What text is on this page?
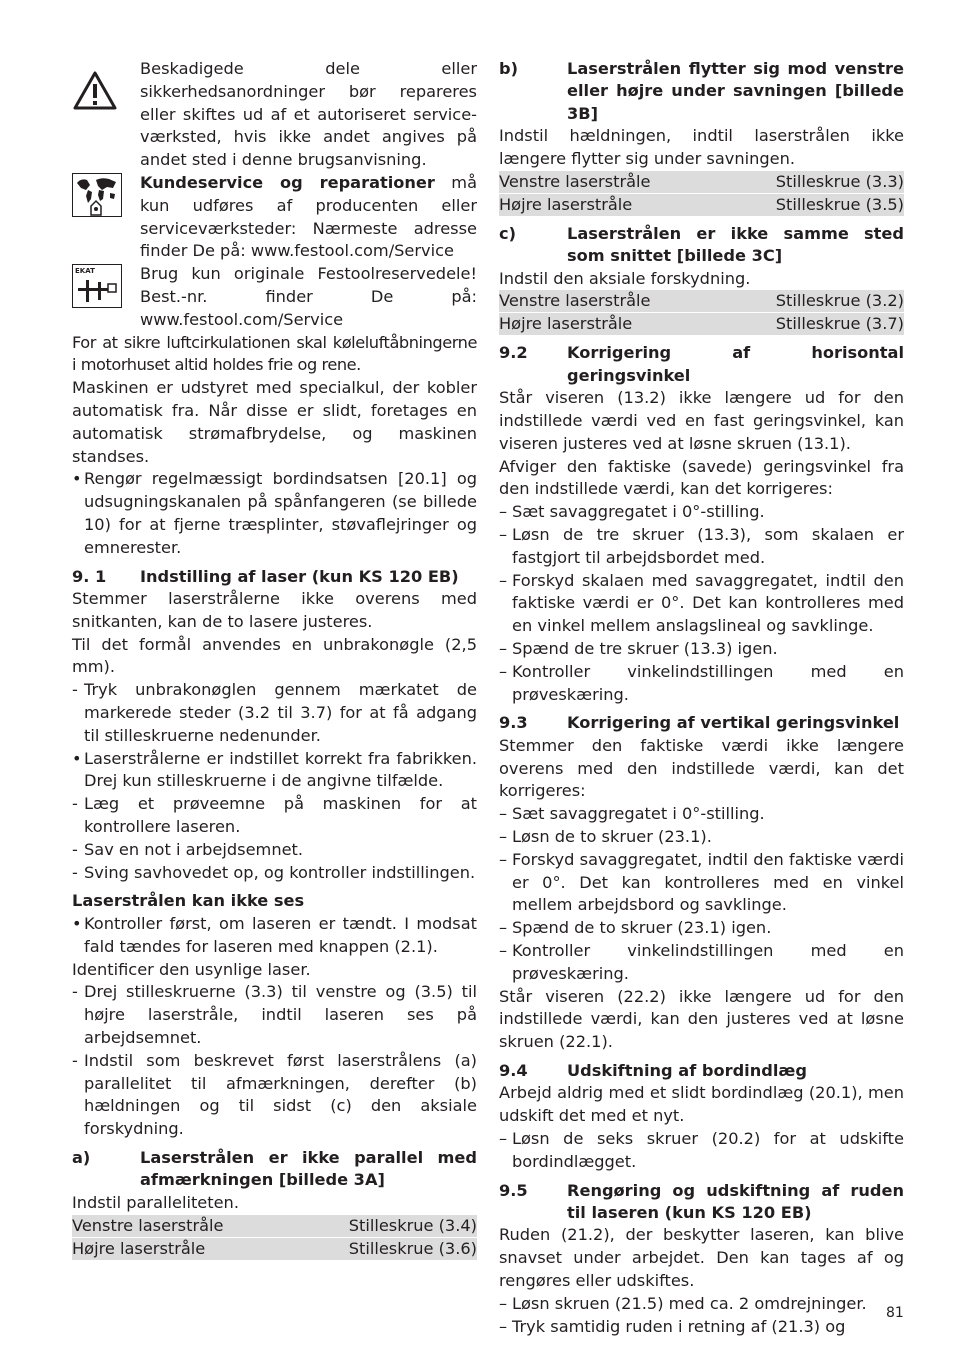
Beskadigede dele eller sikkerhedsanordninger bør repareres eller skiftes ud af et autoriseret service-værksted, hvis ikke andet angives på andet sted i denne brugsanvisning.
Kundeservice og reparationer må kun udføres af producenten eller serviceværksteder: Nærmeste adresse finder De på: www.festool.com/Service
EKAT	Brug kun originale Festoolreservedele! Best.-nr. finder De på: www.festool.com/Service

For at sikre luftcirkulationen skal køleluftåbningerne i motorhuset altid holdes frie og rene.

Maskinen er udstyret med specialkul, der kobler automatisk fra. Når disse er slidt, foretages en automatisk strømafbrydelse, og maskinen standses.

• Rengør regelmæssigt bordindsatsen [20.1] og udsugningskanalen på spånfangeren (se billede 10) for at fjerne træsplinter, støvaflejringer og emnerester.
9. 1	Indstilling af laser (kun KS 120 EB)

Stemmer laserstrålerne ikke overens med snitkanten, kan de to lasere justeres.

Til det formål anvendes en unbrakonøgle (2,5 mm).

- Tryk unbrakonøglen gennem mærkatet de markerede steder (3.2 til 3.7) for at få adgang til stilleskruerne nedenunder.
• Laserstrålerne er indstillet korrekt fra fabrikken. Drej kun stilleskruerne i de angivne tilfælde.
- Læg et prøveemne på maskinen for at kontrollere laseren.
- Sav en not i arbejdsemnet.
- Sving savhovedet op, og kontroller indstillingen.
Laserstrålen kan ikke ses
• Kontroller først, om laseren er tændt. I modsat fald tændes for laseren med knappen (2.1).

Identificer den usynlige laser.

- Drej stilleskruerne (3.3) til venstre og (3.5) til højre laserstråle, indtil laseren ses på arbejdsemnet.
- Indstil som beskrevet først laserstrålens (a) parallelitet til afmærkningen, derefter (b) hældningen og til sidst (c) den aksiale forskydning.
a)	Laserstrålen er ikke parallel med afmærkningen [billede 3A]

Indstil paralleliteten.

Venstre laserstråle	Stilleskrue (3.4)
Højre laserstråle	Stilleskrue (3.6)
b)	Laserstrålen flytter sig mod venstre eller højre under savningen [billede 3B]

Indstil hældningen, indtil laserstrålen ikke længere flytter sig under savningen.

Venstre laserstråle	Stilleskrue (3.3)
Højre laserstråle	Stilleskrue (3.5)
c)	Laserstrålen er ikke samme sted som snittet [billede 3C]

Indstil den aksiale forskydning.

Venstre laserstråle	Stilleskrue (3.2)
Højre laserstråle	Stilleskrue (3.7)
9.2	Korrigering af horisontal geringsvinkel

Står viseren (13.2) ikke længere ud for den indstillede værdi ved en fast geringsvinkel, kan viseren justeres ved at løsne skruen (13.1).

Afviger den faktiske (savede) geringsvinkel fra den indstillede værdi, kan det korrigeres:

– Sæt savaggregatet i 0°-stilling.
– Løsn de tre skruer (13.3), som skalaen er fastgjort til arbejdsbordet med.
– Forskyd skalaen med savaggregatet, indtil den faktiske værdi er 0°. Det kan kontrolleres med en vinkel mellem anslagslineal og savklinge.
– Spænd de tre skruer (13.3) igen.
– Kontroller vinkelindstillingen med en prøveskæring.
9.3	Korrigering af vertikal geringsvinkel

Stemmer den faktiske værdi ikke længere overens med den indstillede værdi, kan det korrigeres:

– Sæt savaggregatet i 0°-stilling.
– Løsn de to skruer (23.1).
– Forskyd savaggregatet, indtil den faktiske værdi er 0°. Det kan kontrolleres med en vinkel mellem arbejdsbord og savklinge.
– Spænd de to skruer (23.1) igen.
– Kontroller vinkelindstillingen med en prøveskæring.

Står viseren (22.2) ikke længere ud for den indstillede værdi, kan den justeres ved at løsne skruen (22.1).

9.4	Udskiftning af bordindlæg

Arbejd aldrig med et slidt bordindlæg (20.1), men udskift det med et nyt.

– Løsn de seks skruer (20.2) for at udskifte bordindlægget.
9.5	Rengøring og udskiftning af ruden til laseren (kun KS 120 EB)

Ruden (21.2), der beskytter laseren, kan blive snavset under arbejdet. Den kan tages af og rengøres eller udskiftes.

– Løsn skruen (21.5) med ca. 2 omdrejninger.
– Tryk samtidig ruden i retning af (21.3) og
81
